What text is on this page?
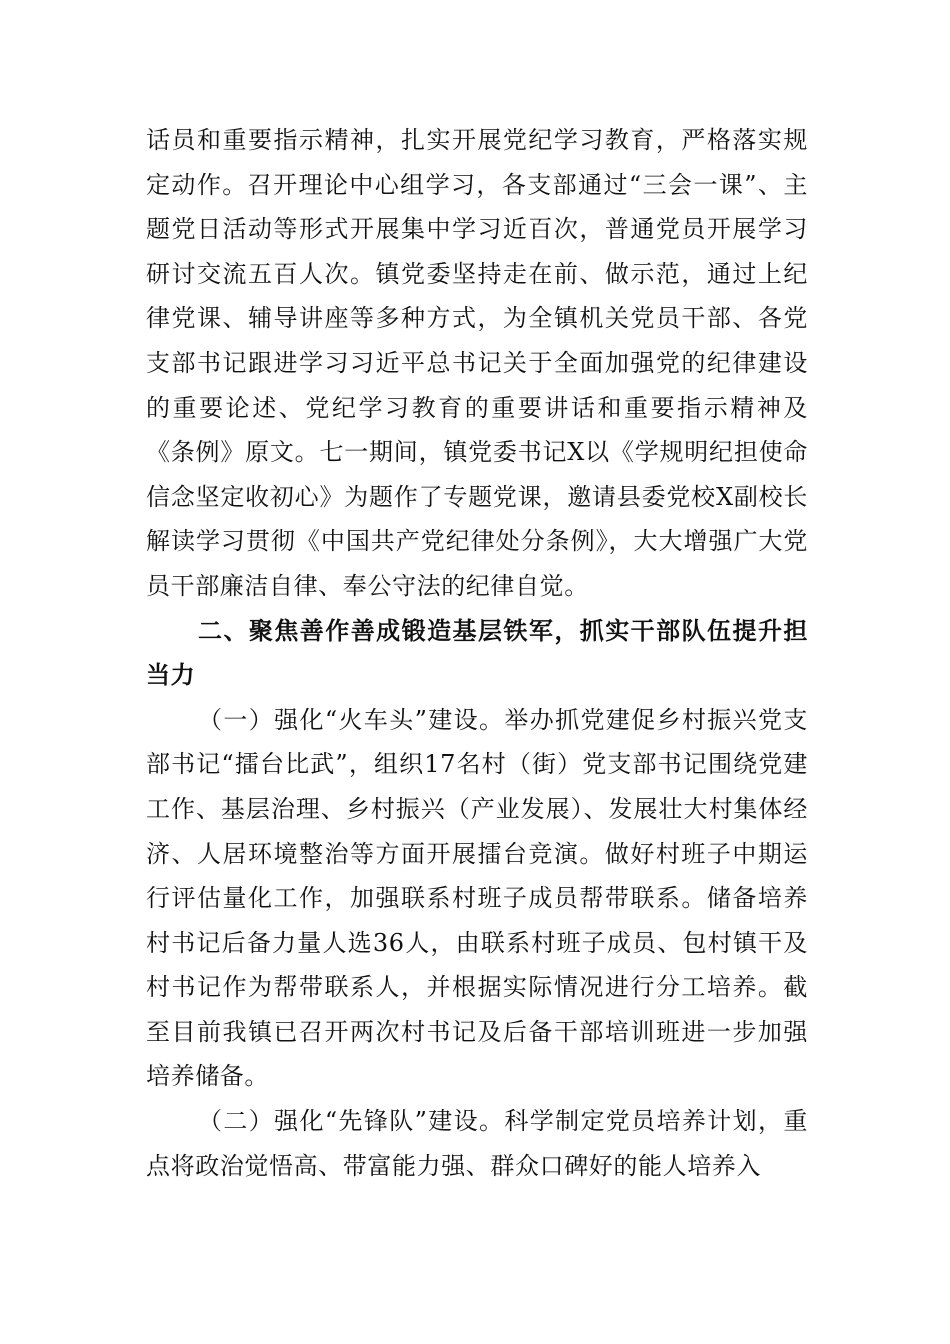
话员和重要指示精神，扎实开展党纪学习教育，严格落实规定动作。召开理论中心组学习，各支部通过“三会一课”、主题党日活动等形式开展集中学习近百次，普通党员开展学习研讨交流五百人次。镇党委坚持走在前、做示范，通过上纪律党课、辅导讲座等多种方式，为全镇机关党员干部、各党支部书记跟进学习习近平总书记关于全面加强党的纪律建设的重要论述、党纪学习教育的重要讲话和重要指示精神及《条例》原文。七一期间，镇党委书记X以《学规明纪担使命信念坚定收初心》为题作了专题党课，邀请县委党校X副校长解读学习贯彻《中国共产党纪律处分条例》，大大增强广大党员干部廉洁自律、奉公守法的纪律自觉。

二、聚焦善作善成锻造基层铁军，抓实干部队伍提升担当力

（一）强化“火车头”建设。举办抓党建促乡村振兴党支部书记“擂台比武”，组织17名村（街）党支部书记围绕党建工作、基层治理、乡村振兴（产业发展）、发展壮大村集体经济、人居环境整治等方面开展擂台竞演。做好村班子中期运行评估量化工作，加强联系村班子成员帮带联系。储备培养村书记后备力量人选36人，由联系村班子成员、包村镇干及村书记作为帮带联系人，并根据实际情况进行分工培养。截至目前我镇已召开两次村书记及后备干部培训班进一步加强培养储备。

（二）强化“先锋队”建设。科学制定党员培养计划，重点将政治觉悟高、带富能力强、群众口碑好的能人培养入
